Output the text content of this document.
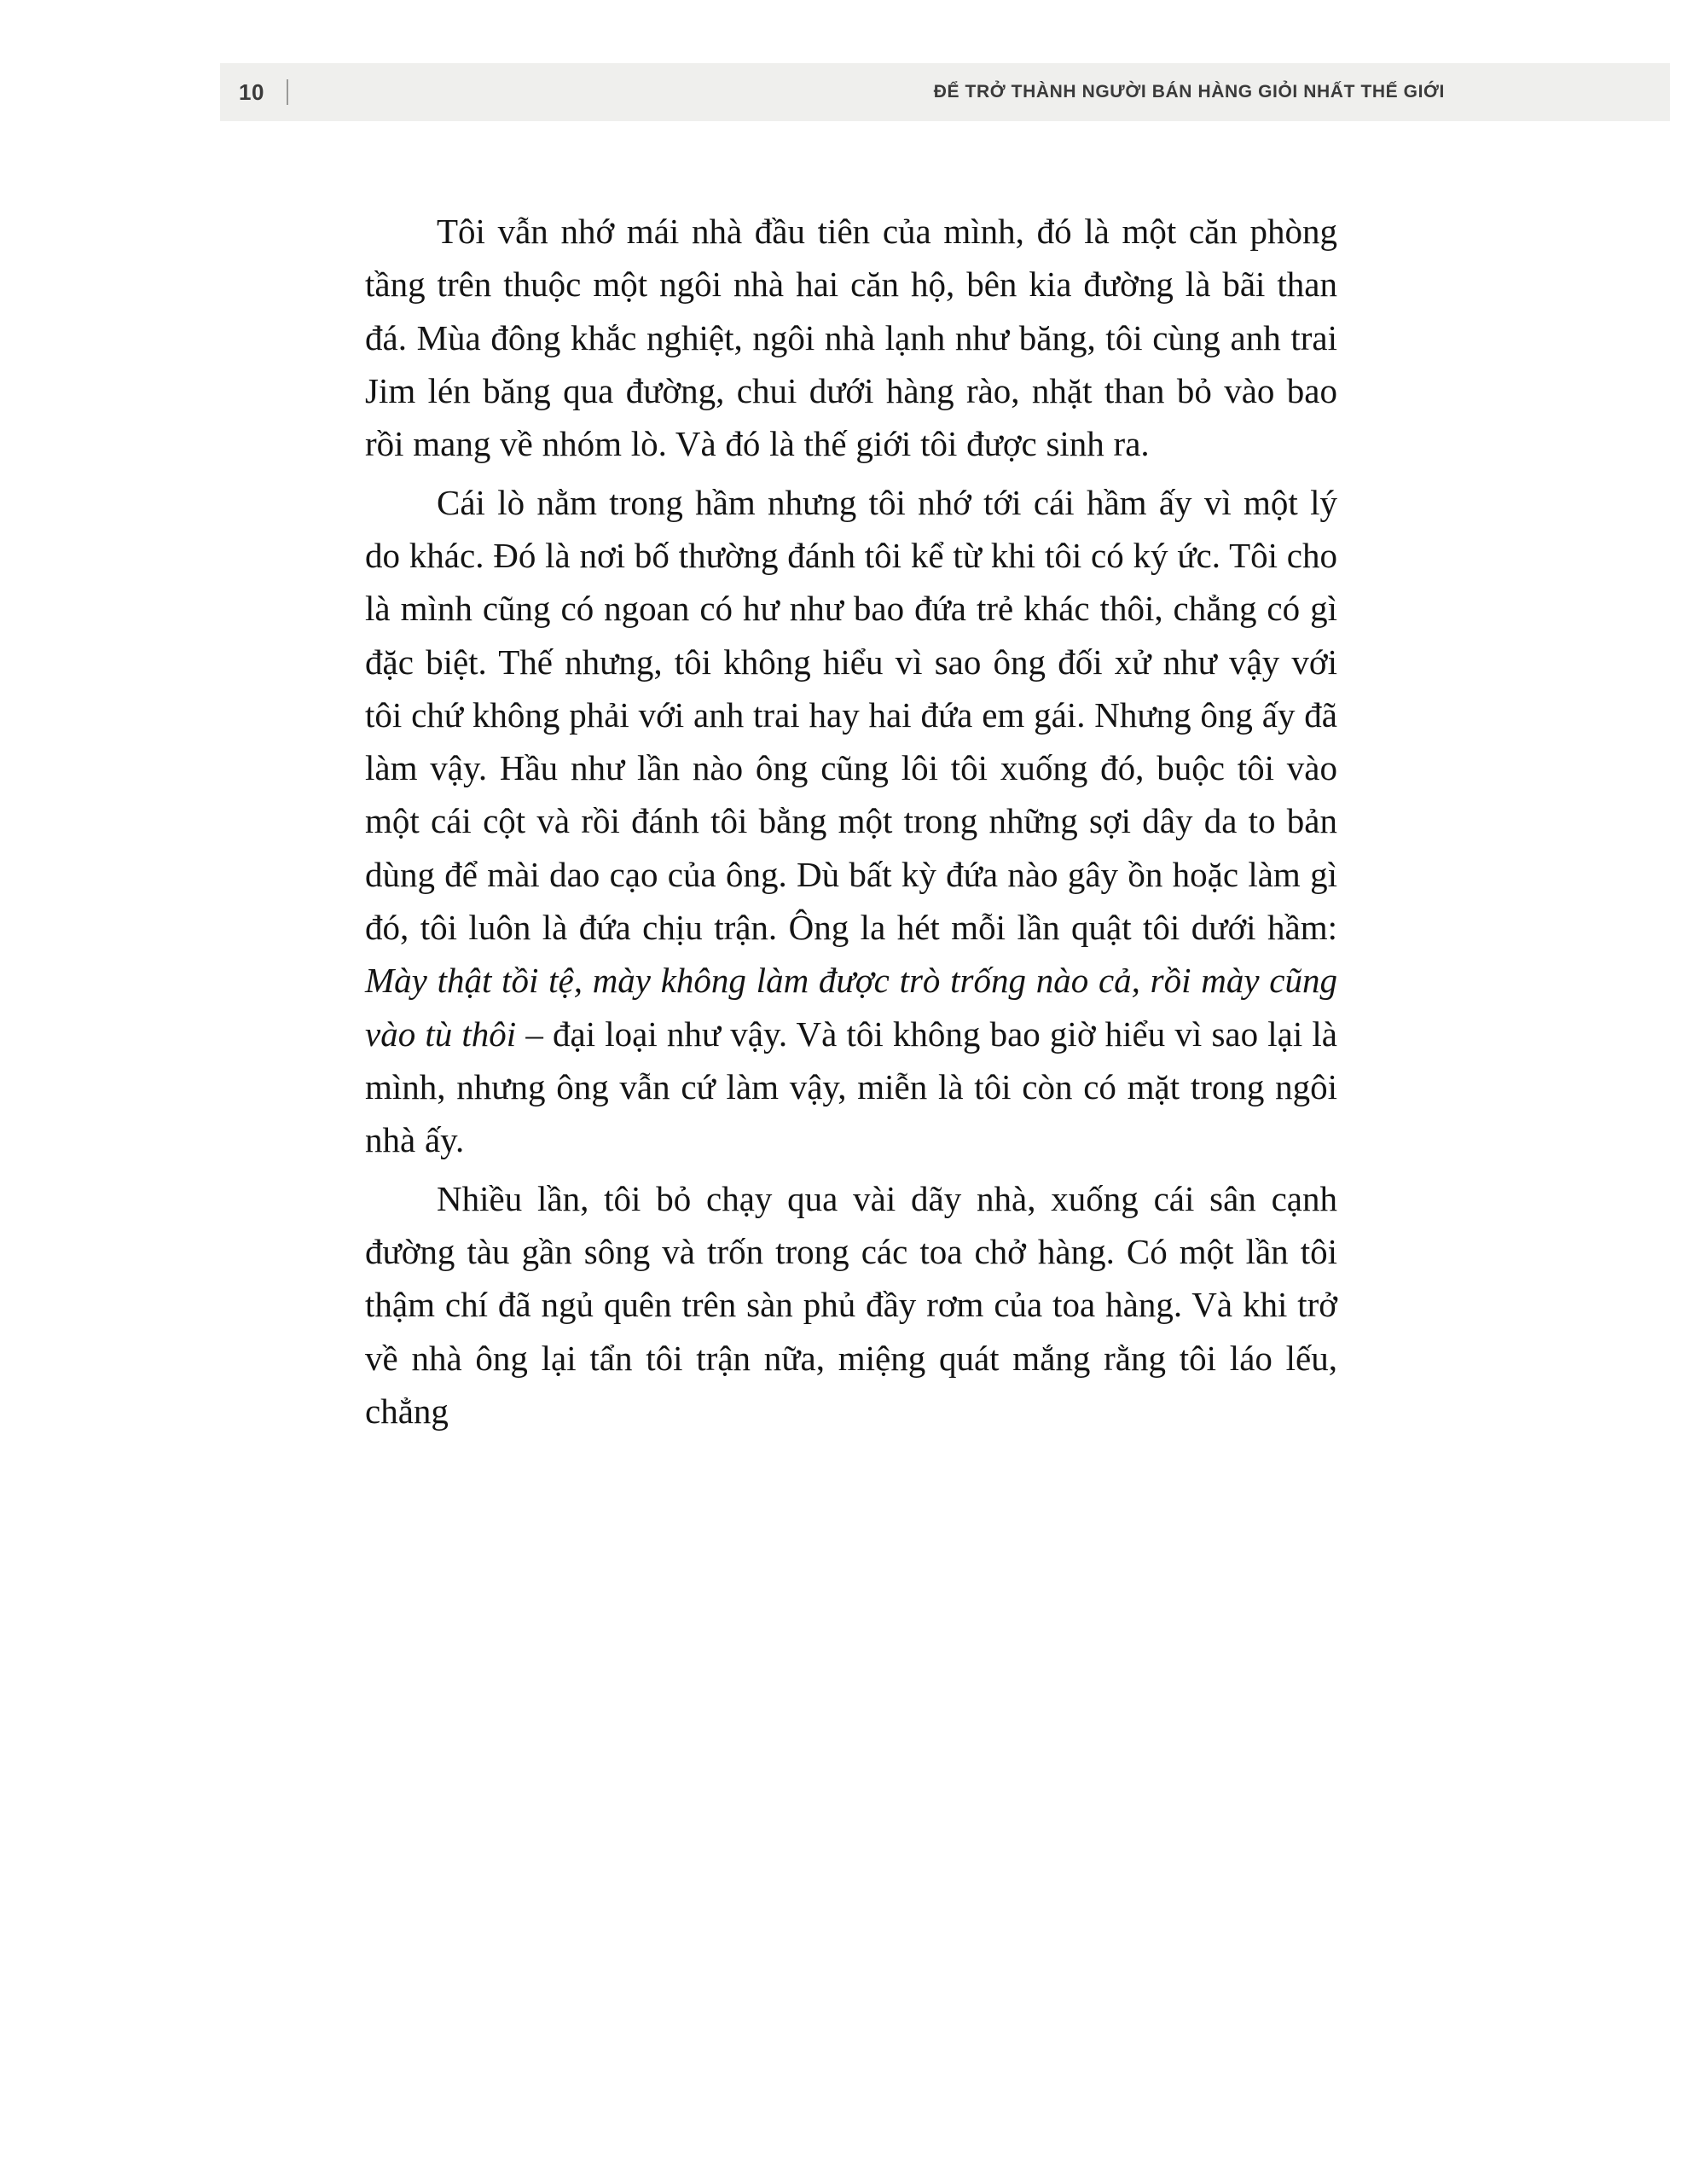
10	ĐỂ TRỞ THÀNH NGƯỜI BÁN HÀNG GIỎI NHẤT THẾ GIỚI

Tôi vẫn nhớ mái nhà đầu tiên của mình, đó là một căn phòng tầng trên thuộc một ngôi nhà hai căn hộ, bên kia đường là bãi than đá. Mùa đông khắc nghiệt, ngôi nhà lạnh như băng, tôi cùng anh trai Jim lén băng qua đường, chui dưới hàng rào, nhặt than bỏ vào bao rồi mang về nhóm lò. Và đó là thế giới tôi được sinh ra.

Cái lò nằm trong hầm nhưng tôi nhớ tới cái hầm ấy vì một lý do khác. Đó là nơi bố thường đánh tôi kể từ khi tôi có ký ức. Tôi cho là mình cũng có ngoan có hư như bao đứa trẻ khác thôi, chẳng có gì đặc biệt. Thế nhưng, tôi không hiểu vì sao ông đối xử như vậy với tôi chứ không phải với anh trai hay hai đứa em gái. Nhưng ông ấy đã làm vậy. Hầu như lần nào ông cũng lôi tôi xuống đó, buộc tôi vào một cái cột và rồi đánh tôi bằng một trong những sợi dây da to bản dùng để mài dao cạo của ông. Dù bất kỳ đứa nào gây ồn hoặc làm gì đó, tôi luôn là đứa chịu trận. Ông la hét mỗi lần quật tôi dưới hầm: Mày thật tồi tệ, mày không làm được trò trống nào cả, rồi mày cũng vào tù thôi – đại loại như vậy. Và tôi không bao giờ hiểu vì sao lại là mình, nhưng ông vẫn cứ làm vậy, miễn là tôi còn có mặt trong ngôi nhà ấy.

Nhiều lần, tôi bỏ chạy qua vài dãy nhà, xuống cái sân cạnh đường tàu gần sông và trốn trong các toa chở hàng. Có một lần tôi thậm chí đã ngủ quên trên sàn phủ đầy rơm của toa hàng. Và khi trở về nhà ông lại tẩn tôi trận nữa, miệng quát mắng rằng tôi láo lếu, chẳng
